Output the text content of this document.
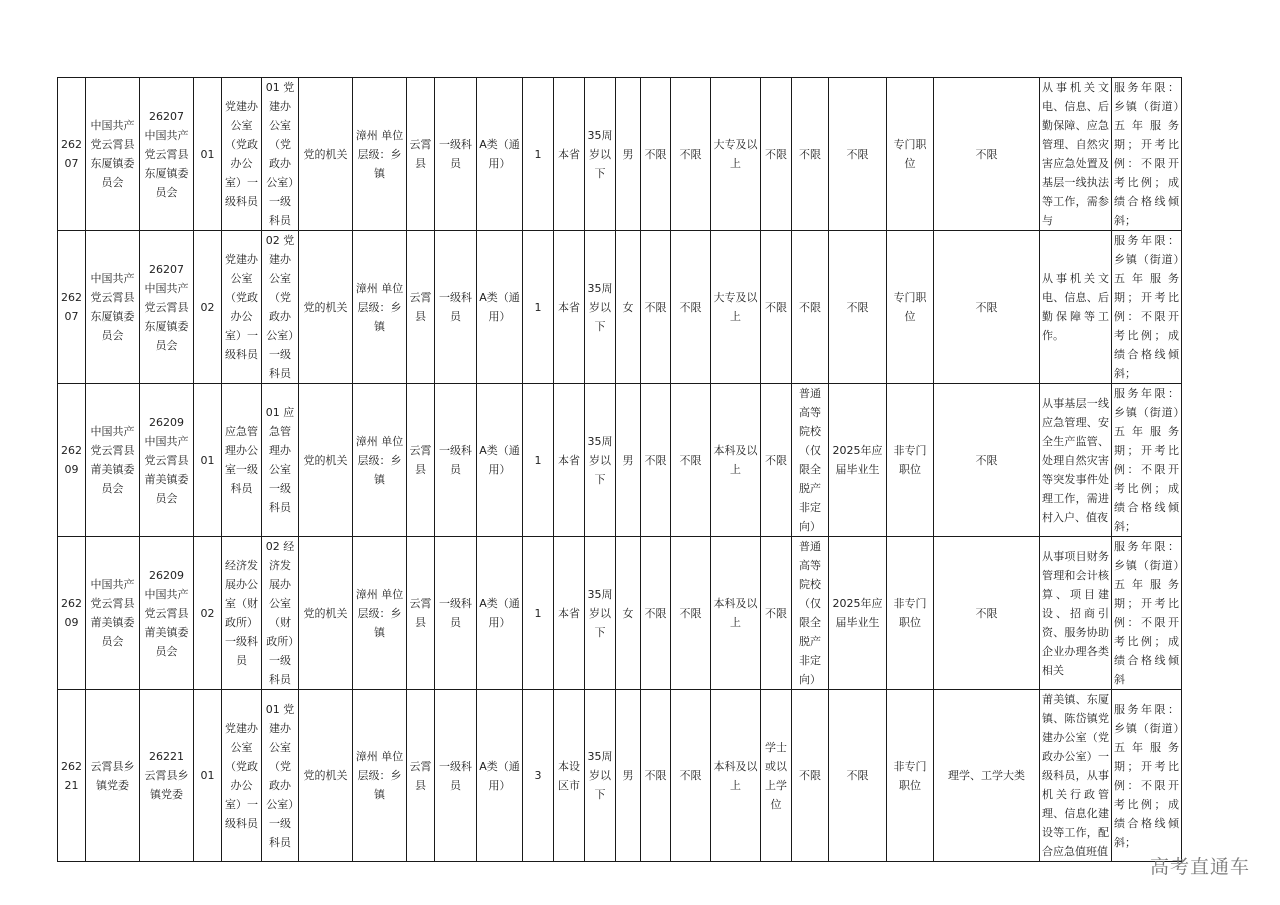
26207	中国共产党云霄县东厦镇委员会	26207 中国共产党云霄县东厦镇委员会	01	党建办公室（党政办公室）一级科员	01 党建办公室（党政办公室）一级科员	党的机关	漳州 单位层级：乡镇	云霄县	一级科员	A类（通用）	1	本省	35周岁以下	男	不限	不限	大专及以上	不限	不限	不限	专门职位	不限	从事机关文电、信息、后勤保障、应急管理、自然灾害应急处置及基层一线执法等工作，需参与	服务年限：乡镇（街道）五年服务期；开考比例：不限开考比例；成绩合格线倾斜；
26207	中国共产党云霄县东厦镇委员会	26207 中国共产党云霄县东厦镇委员会	02	党建办公室（党政办公室）一级科员	02 党建办公室（党政办公室）一级科员	党的机关	漳州 单位层级：乡镇	云霄县	一级科员	A类（通用）	1	本省	35周岁以下	女	不限	不限	大专及以上	不限	不限	不限	专门职位	不限	从事机关文电、信息、后勤保障等工作。	服务年限：乡镇（街道）五年服务期；开考比例：不限开考比例；成绩合格线倾斜；
26209	中国共产党云霄县莆美镇委员会	26209 中国共产党云霄县莆美镇委员会	01	应急管理办公室一级科员	01 应急管理办公室一级科员	党的机关	漳州 单位层级：乡镇	云霄县	一级科员	A类（通用）	1	本省	35周岁以下	男	不限	不限	本科及以上	不限	普通高等院校（仅限全脱产非定向）	2025年应届毕业生	非专门职位	不限	从事基层一线应急管理、安全生产监管、处理自然灾害等突发事件处理工作，需进村入户、值夜	服务年限：乡镇（街道）五年服务期；开考比例：不限开考比例；成绩合格线倾斜；
26209	中国共产党云霄县莆美镇委员会	26209 中国共产党云霄县莆美镇委员会	02	经济发展办公室（财政所）一级科员	02 经济发展办公室（财政所）一级科员	党的机关	漳州 单位层级：乡镇	云霄县	一级科员	A类（通用）	1	本省	35周岁以下	女	不限	不限	本科及以上	不限	普通高等院校（仅限全脱产非定向）	2025年应届毕业生	非专门职位	不限	从事项目财务管理和会计核算、项目建设、招商引资、服务协助企业办理各类相关	服务年限：乡镇（街道）五年服务期；开考比例：不限开考比例；成绩合格线倾斜
26221	云霄县乡镇党委	26221 云霄县乡镇党委	01	党建办公室（党政办公室）一级科员	01 党建办公室（党政办公室）一级科员	党的机关	漳州 单位层级：乡镇	云霄县	一级科员	A类（通用）	3	本设区市	35周岁以下	男	不限	不限	本科及以上	学士或以上学位	不限	不限	非专门职位	理学、工学大类	莆美镇、东厦镇、陈岱镇党建办公室（党政办公室）一级科员，从事机关行政管理、信息化建设等工作，配合应急值班值	服务年限：乡镇（街道）五年服务期；开考比例：不限开考比例；成绩合格线倾斜；
高考直通车
